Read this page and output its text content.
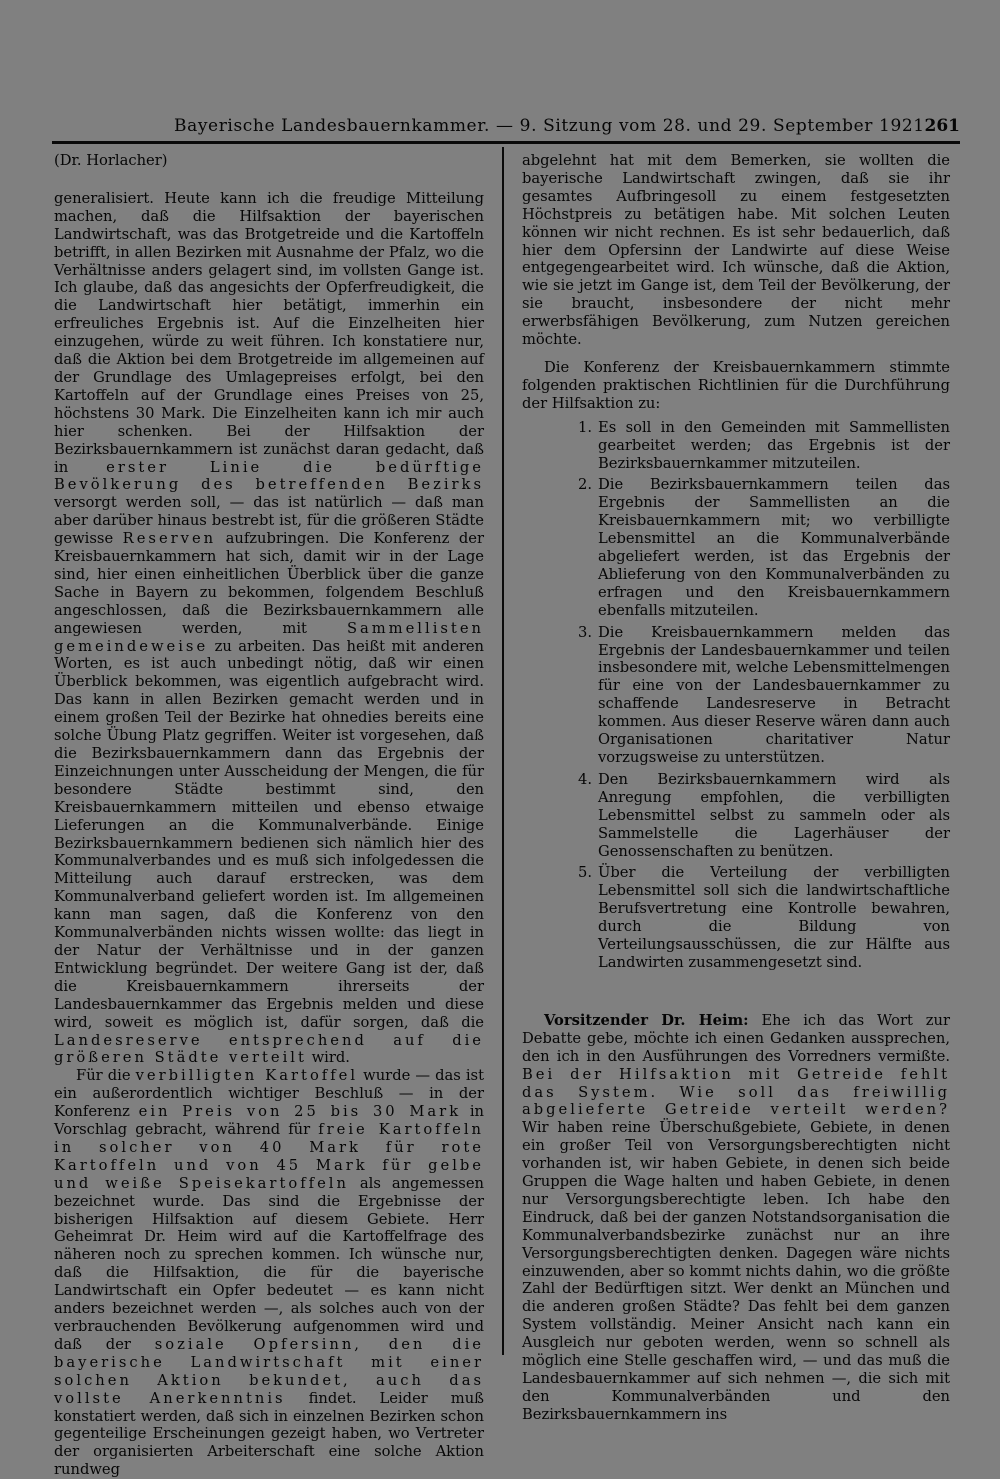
Bayerische Landesbauernkammer. — 9. Sitzung vom 28. und 29. September 1921.
261

(Dr. Horlacher)

generalisiert. Heute kann ich die freudige Mitteilung machen, daß die Hilfsaktion der bayerischen Landwirtschaft, was das Brotgetreide und die Kartoffeln betrifft, in allen Bezirken mit Ausnahme der Pfalz, wo die Verhältnisse anders gelagert sind, im vollsten Gange ist. Ich glaube, daß das angesichts der Opferfreudigkeit, die die Landwirtschaft hier betätigt, immerhin ein erfreuliches Ergebnis ist. Auf die Einzelheiten hier einzugehen, würde zu weit führen. Ich konstatiere nur, daß die Aktion bei dem Brotgetreide im allgemeinen auf der Grundlage des Umlagepreises erfolgt, bei den Kartoffeln auf der Grundlage eines Preises von 25, höchstens 30 Mark. Die Einzelheiten kann ich mir auch hier schenken. Bei der Hilfsaktion der Bezirksbauernkammern ist zunächst daran gedacht, daß in	erster Linie die bedürftige Bevölkerung des betreffenden Bezirks versorgt werden soll, — das ist natürlich — daß man aber darüber hinaus bestrebt ist, für die größeren Städte gewisse Reserven aufzubringen. Die Konferenz der Kreisbauernkammern hat sich, damit wir in der Lage sind, hier einen einheitlichen Überblick über die ganze Sache in Bayern zu bekommen, folgendem Beschluß angeschlossen, daß die Bezirksbauernkammern alle angewiesen werden, mit	Sammellisten gemeindeweise zu arbeiten. Das heißt mit anderen Worten, es ist auch unbedingt nötig, daß wir einen Überblick bekommen, was eigentlich aufgebracht wird. Das kann in allen Bezirken gemacht werden und in einem großen Teil der Bezirke hat ohnedies bereits eine solche Übung Platz gegriffen. Weiter ist vorgesehen, daß die Bezirksbauernkammern dann das Ergebnis der Einzeichnungen unter Ausscheidung der Mengen, die für besondere Städte bestimmt sind, den Kreisbauernkammern mitteilen und ebenso etwaige Lieferungen an die Kommunalverbände. Einige Bezirksbauernkammern bedienen sich nämlich hier des Kommunalverbandes und es muß sich infolgedessen die Mitteilung auch darauf erstrecken, was dem Kommunalverband geliefert worden ist. Im allgemeinen kann man sagen, daß die Konferenz von den Kommunalverbänden nichts wissen wollte: das liegt in der Natur der Verhältnisse und in der ganzen Entwicklung begründet. Der weitere Gang ist der, daß die Kreisbauernkammern ihrerseits der Landesbauernkammer das Ergebnis melden und diese wird, soweit es möglich ist, dafür sorgen, daß die Landesreserve entsprechend auf die größeren Städte verteilt wird.

Für die verbilligten Kartoffel wurde — das ist ein außerordentlich wichtiger Beschluß — in der Konferenz ein Preis von 25 bis 30 Mark in Vorschlag gebracht, während für freie Kartoffeln in solcher von 40 Mark für rote Kartoffeln und von 45 Mark für gelbe und weiße Speisekartoffeln als angemessen bezeichnet wurde. Das sind die Ergebnisse der bisherigen Hilfsaktion auf diesem Gebiete. Herr Geheimrat Dr. Heim wird auf die Kartoffelfrage des näheren noch zu sprechen kommen. Ich wünsche nur, daß die Hilfsaktion, die für die bayerische Landwirtschaft ein Opfer bedeutet — es kann nicht anders bezeichnet werden —, als solches auch von der verbrauchenden Bevölkerung aufgenommen wird und daß der soziale Opfersinn, den die bayerische Landwirtschaft mit einer solchen Aktion bekundet, auch das vollste Anerkenntnis findet. Leider muß konstatiert werden, daß sich in einzelnen Bezirken schon gegenteilige Erscheinungen gezeigt haben, wo Vertreter der organisierten Arbeiterschaft eine solche Aktion rundweg

abgelehnt hat mit dem Bemerken, sie wollten die bayerische Landwirtschaft zwingen, daß sie ihr gesamtes Aufbringesoll zu einem festgesetzten Höchstpreis zu betätigen habe. Mit solchen Leuten können wir nicht rechnen. Es ist sehr bedauerlich, daß hier dem Opfersinn der Landwirte auf diese Weise entgegengearbeitet wird. Ich wünsche, daß die Aktion, wie sie jetzt im Gange ist, dem Teil der Bevölkerung, der sie braucht, insbesondere der nicht mehr erwerbsfähigen Bevölkerung, zum Nutzen gereichen möchte.

Die Konferenz der Kreisbauernkammern stimmte folgenden praktischen Richtlinien für die Durchführung der Hilfsaktion zu:

1. Es soll in den Gemeinden mit Sammellisten gearbeitet werden; das Ergebnis ist der Bezirksbauernkammer mitzuteilen.
2. Die Bezirksbauernkammern teilen das Ergebnis der Sammellisten an die Kreisbauernkammern mit; wo verbilligte Lebensmittel an die Kommunalverbände abgeliefert werden, ist das Ergebnis der Ablieferung von den Kommunalverbänden zu erfragen und den Kreisbauernkammern ebenfalls mitzuteilen.
3. Die Kreisbauernkammern melden das Ergebnis der Landesbauernkammer und teilen insbesondere mit, welche Lebensmittelmengen für eine von der Landesbauernkammer zu schaffende Landesreserve in Betracht kommen. Aus dieser Reserve wären dann auch Organisationen charitativer Natur vorzugsweise zu unterstützen.
4. Den Bezirksbauernkammern wird als Anregung empfohlen, die verbilligten Lebensmittel selbst zu sammeln oder als Sammelstelle die Lagerhäuser der Genossenschaften zu benützen.
5. Über die Verteilung der verbilligten Lebensmittel soll sich die landwirtschaftliche Berufsvertretung eine Kontrolle bewahren, durch die Bildung von Verteilungsausschüssen, die zur Hälfte aus Landwirten zusammengesetzt sind.

Vorsitzender Dr. Heim: Ehe ich das Wort zur Debatte gebe, möchte ich einen Gedanken aussprechen, den ich in den Ausführungen des Vorredners vermißte. Bei der Hilfsaktion mit Getreide fehlt das System. Wie soll das freiwillig abgelieferte Getreide verteilt werden? Wir haben reine Überschußgebiete, Gebiete, in denen ein großer Teil von Versorgungsberechtigten nicht vorhanden ist, wir haben Gebiete, in denen sich beide Gruppen die Wage halten und haben Gebiete, in denen nur Versorgungsberechtigte leben. Ich habe den Eindruck, daß bei der ganzen Notstandsorganisation die Kommunalverbandsbezirke zunächst nur an ihre Versorgungsberechtigten denken. Dagegen wäre nichts einzuwenden, aber so kommt nichts dahin, wo die größte Zahl der Bedürftigen sitzt. Wer denkt an München und die anderen großen Städte? Das fehlt bei dem ganzen System vollständig. Meiner Ansicht nach kann ein Ausgleich nur geboten werden, wenn so schnell als möglich eine Stelle geschaffen wird, — und das muß die Landesbauernkammer auf sich nehmen —, die sich mit den Kommunalverbänden und den Bezirksbauernkammern ins
